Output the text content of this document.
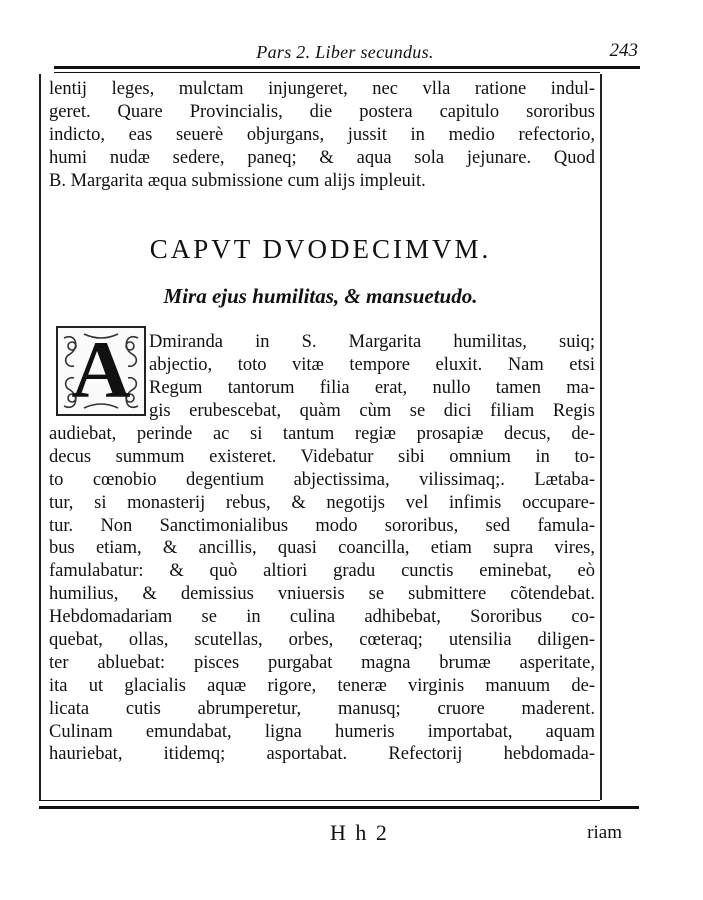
Pars 2. Liber secundus.	243
lentij leges, mulctam injungeret, nec vlla ratione indul-
geret. Quare Provincialis, die postera capitulo sororibus
indicto, eas seuerè objurgans, jussit in medio refectorio,
humi nudæ sedere, paneq; & aqua sola jejunare. Quod
B. Margarita æqua submissione cum alijs impleuit.
CAPVT DVODECIMVM.
Mira ejus humilitas, & mansuetudo.
A Dmiranda in S. Margarita humilitas, suiq;
abjectio, toto vitæ tempore eluxit. Nam etsi
Regum tantorum filia erat, nullo tamen ma-
gis erubescebat, quàm cùm se dici filiam Regis
audiebat, perinde ac si tantum regiæ prosapiæ decus, de-
decus summum existeret. Videbatur sibi omnium in to-
to cœnobio degentium abjectissima, vilissimaq;. Lætaba-
tur, si monasterij rebus, & negotijs vel infimis occupare-
tur. Non Sanctimonialibus modo sororibus, sed famula-
bus etiam, & ancillis, quasi coancilla, etiam supra vires,
famulabatur: & quò altiori gradu cunctis eminebat, eò
humilius, & demissius vniuersis se submittere cõtendebat.
Hebdomadariam se in culina adhibebat, Sororibus co-
quebat, ollas, scutellas, orbes, cœteraq; utensilia diligen-
ter abluebat: pisces purgabat magna brumæ asperitate,
ita ut glacialis aquæ rigore, teneræ virginis manuum de-
licata cutis abrumperetur, manusq; cruore maderent.
Culinam emundabat, ligna humeris importabat, aquam
hauriebat, itidemq; asportabat. Refectorij hebdomada-
H h 2	riam
